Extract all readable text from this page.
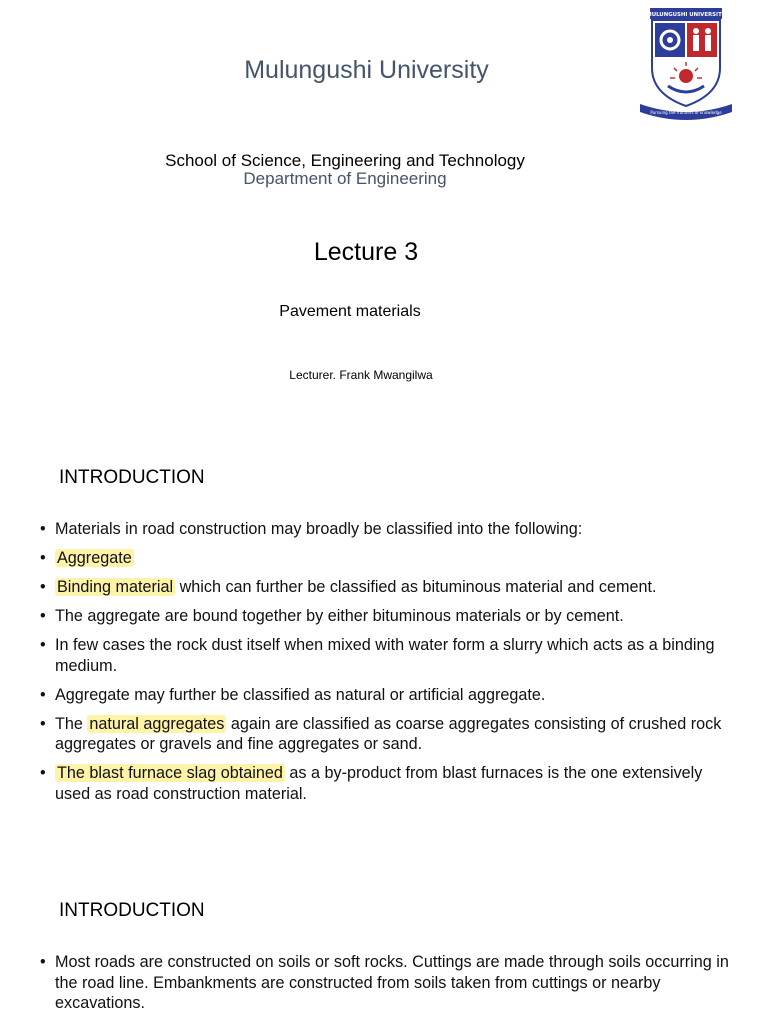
Mulungushi University
MULUNGUSHI UNIVERSITY
Pursuing the frontiers of knowledge
School of Science, Engineering and Technology
Department of Engineering
Lecture 3
Pavement materials
Lecturer. Frank Mwangilwa
INTRODUCTION
• Materials in road construction may broadly be classified into the following:
• Aggregate
• Binding material which can further be classified as bituminous material and cement.
• The aggregate are bound together by either bituminous materials or by cement.
• In few cases the rock dust itself when mixed with water form a slurry which acts as a binding medium.
• Aggregate may further be classified as natural or artificial aggregate.
• The natural aggregates again are classified as coarse aggregates consisting of crushed rock aggregates or gravels and fine aggregates or sand.
• The blast furnace slag obtained as a by-product from blast furnaces is the one extensively used as road construction material.
INTRODUCTION
• Most roads are constructed on soils or soft rocks. Cuttings are made through soils occurring in the road line. Embankments are constructed from soils taken from cuttings or nearby excavations.
